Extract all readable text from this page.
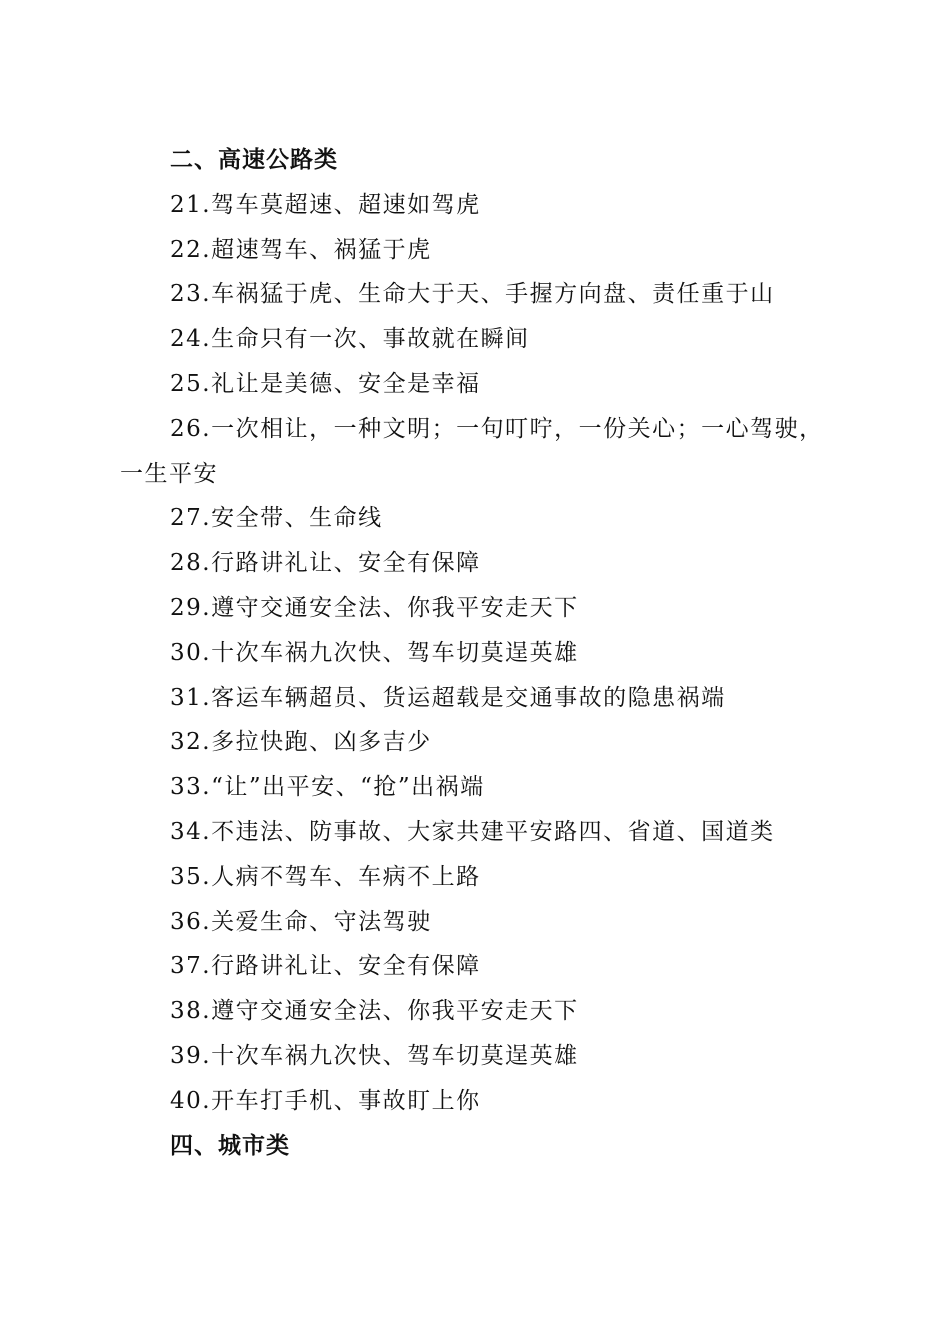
二、高速公路类
21.驾车莫超速、超速如驾虎
22.超速驾车、祸猛于虎
23.车祸猛于虎、生命大于天、手握方向盘、责任重于山
24.生命只有一次、事故就在瞬间
25.礼让是美德、安全是幸福
26.一次相让，一种文明；一句叮咛，一份关心；一心驾驶，
一生平安
27.安全带、生命线
28.行路讲礼让、安全有保障
29.遵守交通安全法、你我平安走天下
30.十次车祸九次快、驾车切莫逞英雄
31.客运车辆超员、货运超载是交通事故的隐患祸端
32.多拉快跑、凶多吉少
33.“让”出平安、“抢”出祸端
34.不违法、防事故、大家共建平安路四、省道、国道类
35.人病不驾车、车病不上路
36.关爱生命、守法驾驶
37.行路讲礼让、安全有保障
38.遵守交通安全法、你我平安走天下
39.十次车祸九次快、驾车切莫逞英雄
40.开车打手机、事故盯上你
四、城市类
